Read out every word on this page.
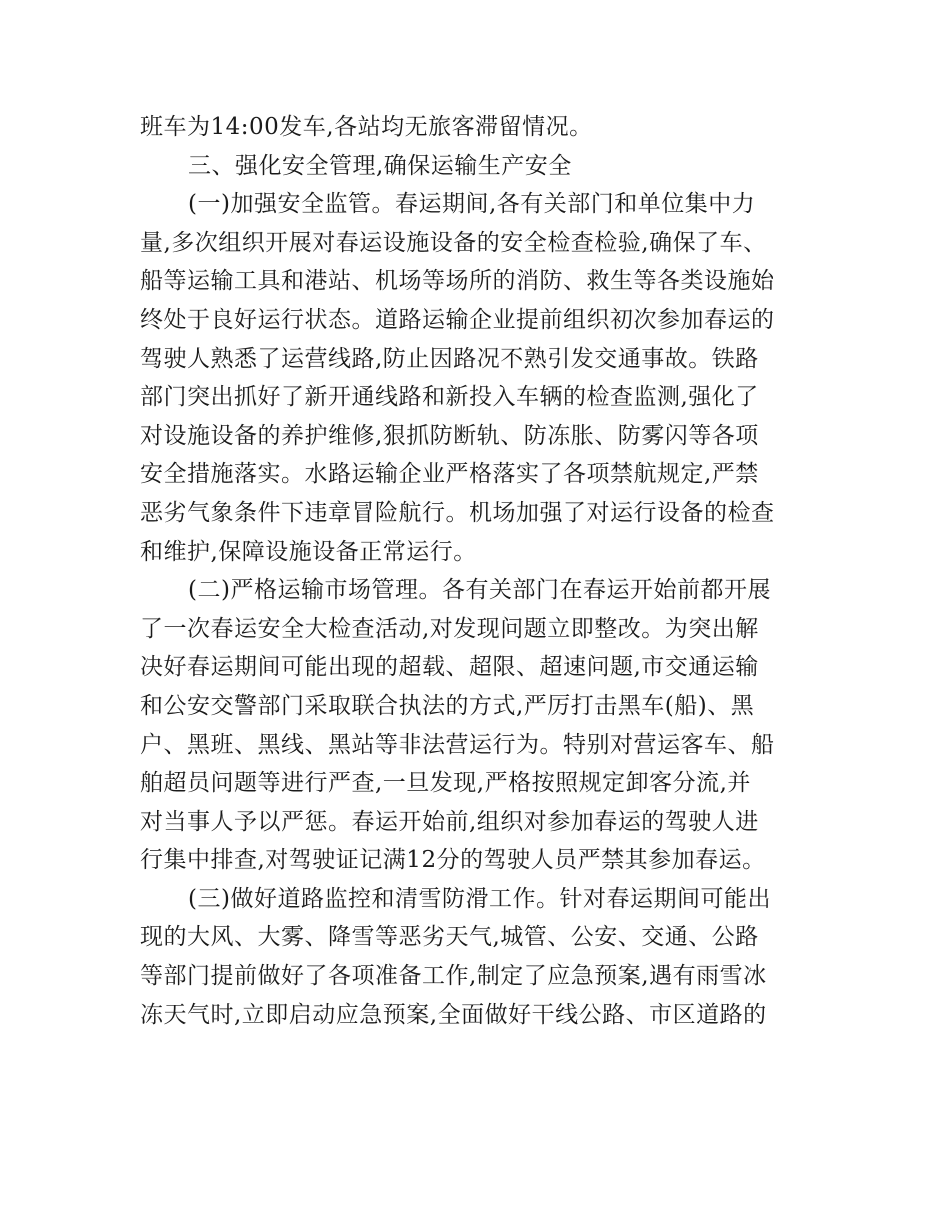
班车为14:00发车,各站均无旅客滞留情况。
三、强化安全管理,确保运输生产安全
(一)加强安全监管。春运期间,各有关部门和单位集中力
量,多次组织开展对春运设施设备的安全检查检验,确保了车、
船等运输工具和港站、机场等场所的消防、救生等各类设施始
终处于良好运行状态。道路运输企业提前组织初次参加春运的
驾驶人熟悉了运营线路,防止因路况不熟引发交通事故。铁路
部门突出抓好了新开通线路和新投入车辆的检查监测,强化了
对设施设备的养护维修,狠抓防断轨、防冻胀、防雾闪等各项
安全措施落实。水路运输企业严格落实了各项禁航规定,严禁
恶劣气象条件下违章冒险航行。机场加强了对运行设备的检查
和维护,保障设施设备正常运行。
(二)严格运输市场管理。各有关部门在春运开始前都开展
了一次春运安全大检查活动,对发现问题立即整改。为突出解
决好春运期间可能出现的超载、超限、超速问题,市交通运输
和公安交警部门采取联合执法的方式,严厉打击黑车(船)、黑
户、黑班、黑线、黑站等非法营运行为。特别对营运客车、船
舶超员问题等进行严查,一旦发现,严格按照规定卸客分流,并
对当事人予以严惩。春运开始前,组织对参加春运的驾驶人进
行集中排查,对驾驶证记满12分的驾驶人员严禁其参加春运。
(三)做好道路监控和清雪防滑工作。针对春运期间可能出
现的大风、大雾、降雪等恶劣天气,城管、公安、交通、公路
等部门提前做好了各项准备工作,制定了应急预案,遇有雨雪冰
冻天气时,立即启动应急预案,全面做好干线公路、市区道路的
